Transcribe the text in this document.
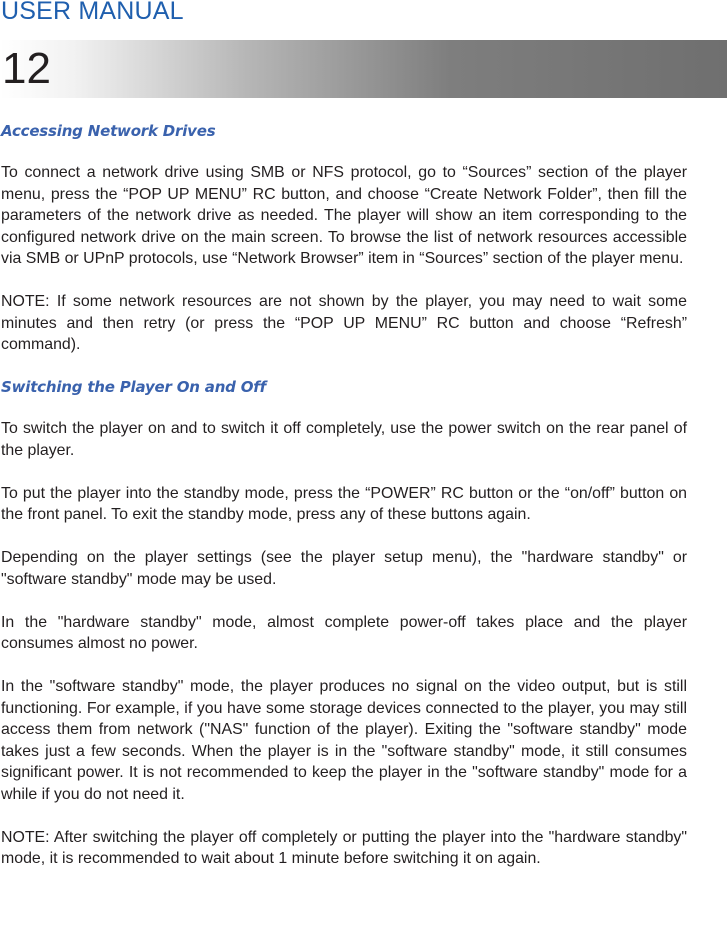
USER MANUAL
12
Accessing Network Drives

To connect a network drive using SMB or NFS protocol, go to “Sources” section of the player menu, press the “POP UP MENU” RC button, and choose “Create Network Folder”, then fill the parameters of the network drive as needed. The player will show an item corresponding to the configured network drive on the main screen. To browse the list of network resources accessible via SMB or UPnP protocols, use “Network Browser” item in “Sources” section of the player menu.

NOTE: If some network resources are not shown by the player, you may need to wait some minutes and then retry (or press the “POP UP MENU” RC button and choose “Refresh” command).

Switching the Player On and Off

To switch the player on and to switch it off completely, use the power switch on the rear panel of the player.

To put the player into the standby mode, press the “POWER” RC button or the “on/off” button on the front panel. To exit the standby mode, press any of these buttons again.

Depending on the player settings (see the player setup menu), the "hardware standby" or "software standby" mode may be used.

In the "hardware standby" mode, almost complete power-off takes place and the player consumes almost no power.

In the "software standby" mode, the player produces no signal on the video output, but is still functioning. For example, if you have some storage devices connected to the player, you may still access them from network ("NAS" function of the player). Exiting the "software standby" mode takes just a few seconds. When the player is in the "software standby" mode, it still consumes significant power. It is not recommended to keep the player in the "software standby" mode for a while if you do not need it.

NOTE: After switching the player off completely or putting the player into the "hardware standby" mode, it is recommended to wait about 1 minute before switching it on again.
